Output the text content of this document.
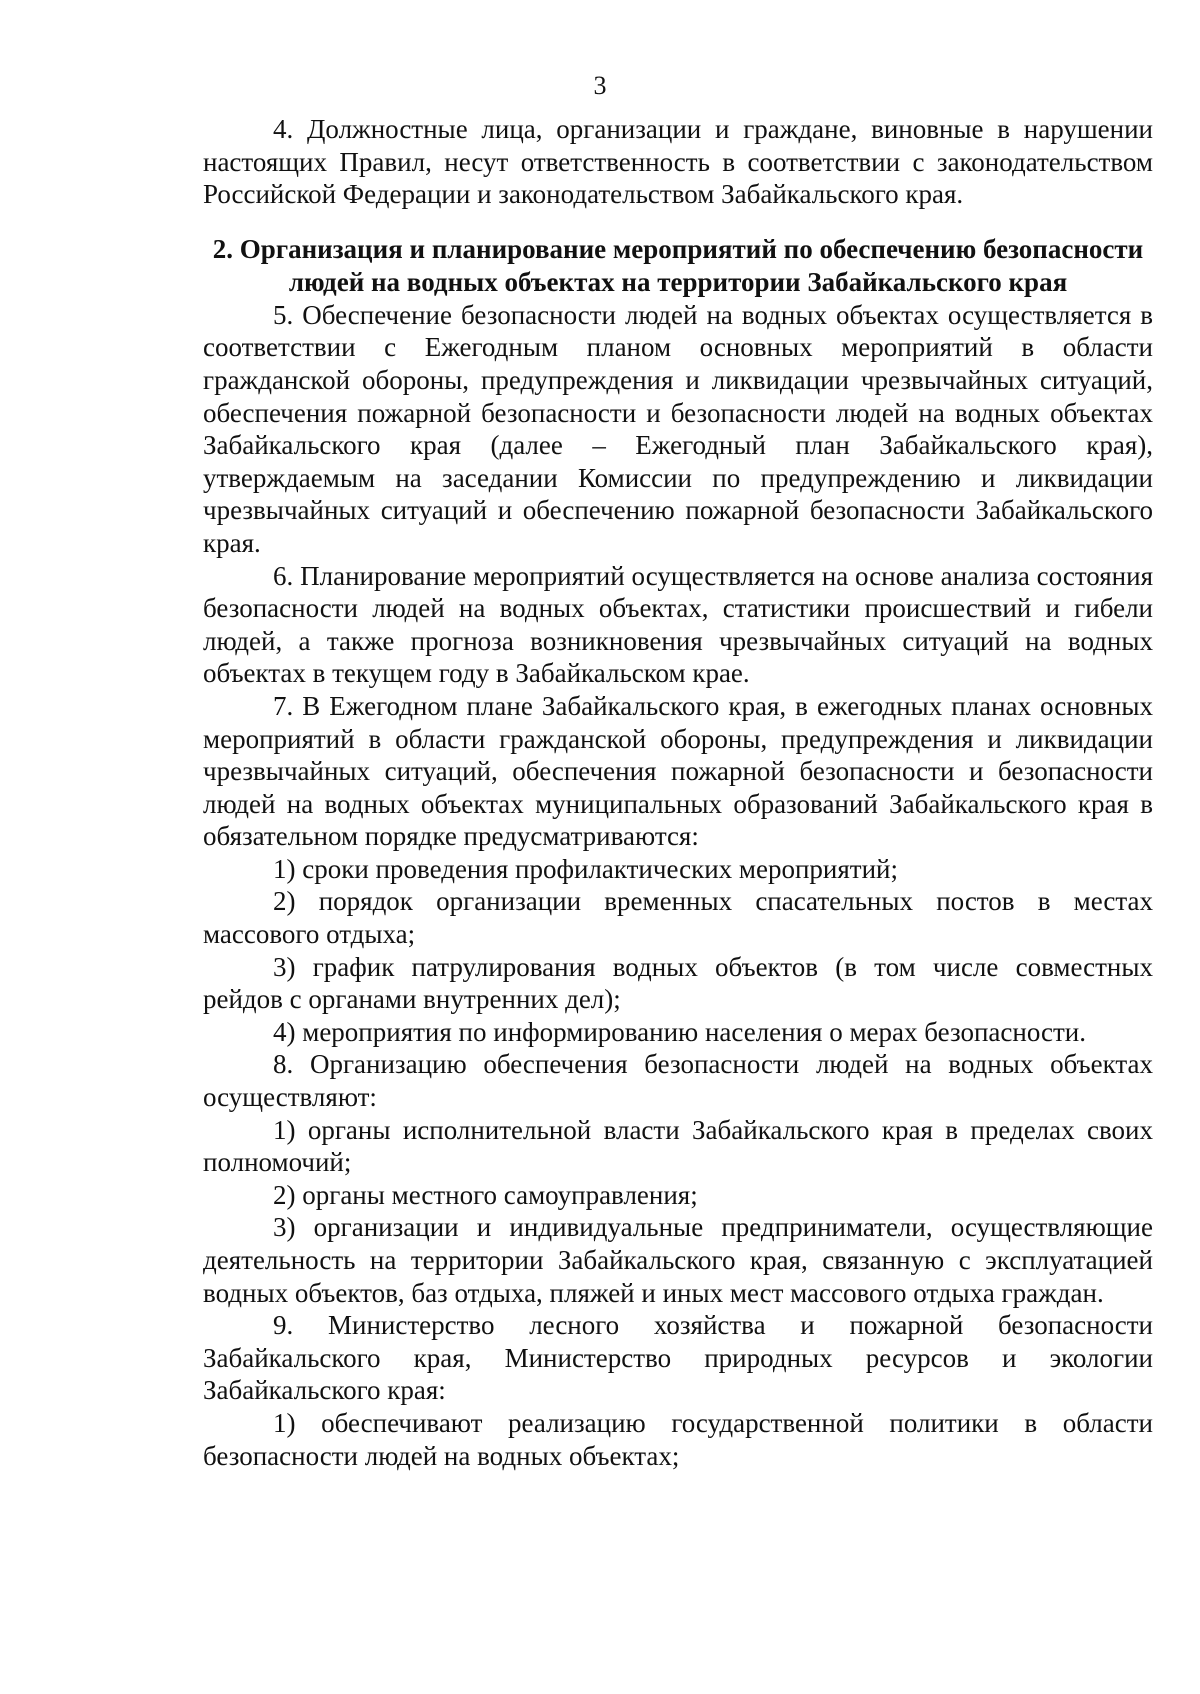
3

4. Должностные лица, организации и граждане, виновные в нарушении настоящих Правил, несут ответственность в соответствии с законодательством Российской Федерации и законодательством Забайкальского края.

2. Организация и планирование мероприятий по обеспечению безопасности людей на водных объектах на территории Забайкальского края

5. Обеспечение безопасности людей на водных объектах осуществляется в соответствии с Ежегодным планом основных мероприятий в области гражданской обороны, предупреждения и ликвидации чрезвычайных ситуаций, обеспечения пожарной безопасности и безопасности людей на водных объектах Забайкальского края (далее – Ежегодный план Забайкальского края), утверждаемым на заседании Комиссии по предупреждению и ликвидации чрезвычайных ситуаций и обеспечению пожарной безопасности Забайкальского края.

6. Планирование мероприятий осуществляется на основе анализа состояния безопасности людей на водных объектах, статистики происшествий и гибели людей, а также прогноза возникновения чрезвычайных ситуаций на водных объектах в текущем году в Забайкальском крае.

7. В Ежегодном плане Забайкальского края, в ежегодных планах основных мероприятий в области гражданской обороны, предупреждения и ликвидации чрезвычайных ситуаций, обеспечения пожарной безопасности и безопасности людей на водных объектах муниципальных образований Забайкальского края в обязательном порядке предусматриваются:

1) сроки проведения профилактических мероприятий;

2) порядок организации временных спасательных постов в местах массового отдыха;

3) график патрулирования водных объектов (в том числе совместных рейдов с органами внутренних дел);

4) мероприятия по информированию населения о мерах безопасности.

8. Организацию обеспечения безопасности людей на водных объектах осуществляют:

1) органы исполнительной власти Забайкальского края в пределах своих полномочий;

2) органы местного самоуправления;

3) организации и индивидуальные предприниматели, осуществляющие деятельность на территории Забайкальского края, связанную с эксплуатацией водных объектов, баз отдыха, пляжей и иных мест массового отдыха граждан.

9. Министерство лесного хозяйства и пожарной безопасности Забайкальского края, Министерство природных ресурсов и экологии Забайкальского края:

1) обеспечивают реализацию государственной политики в области безопасности людей на водных объектах;
